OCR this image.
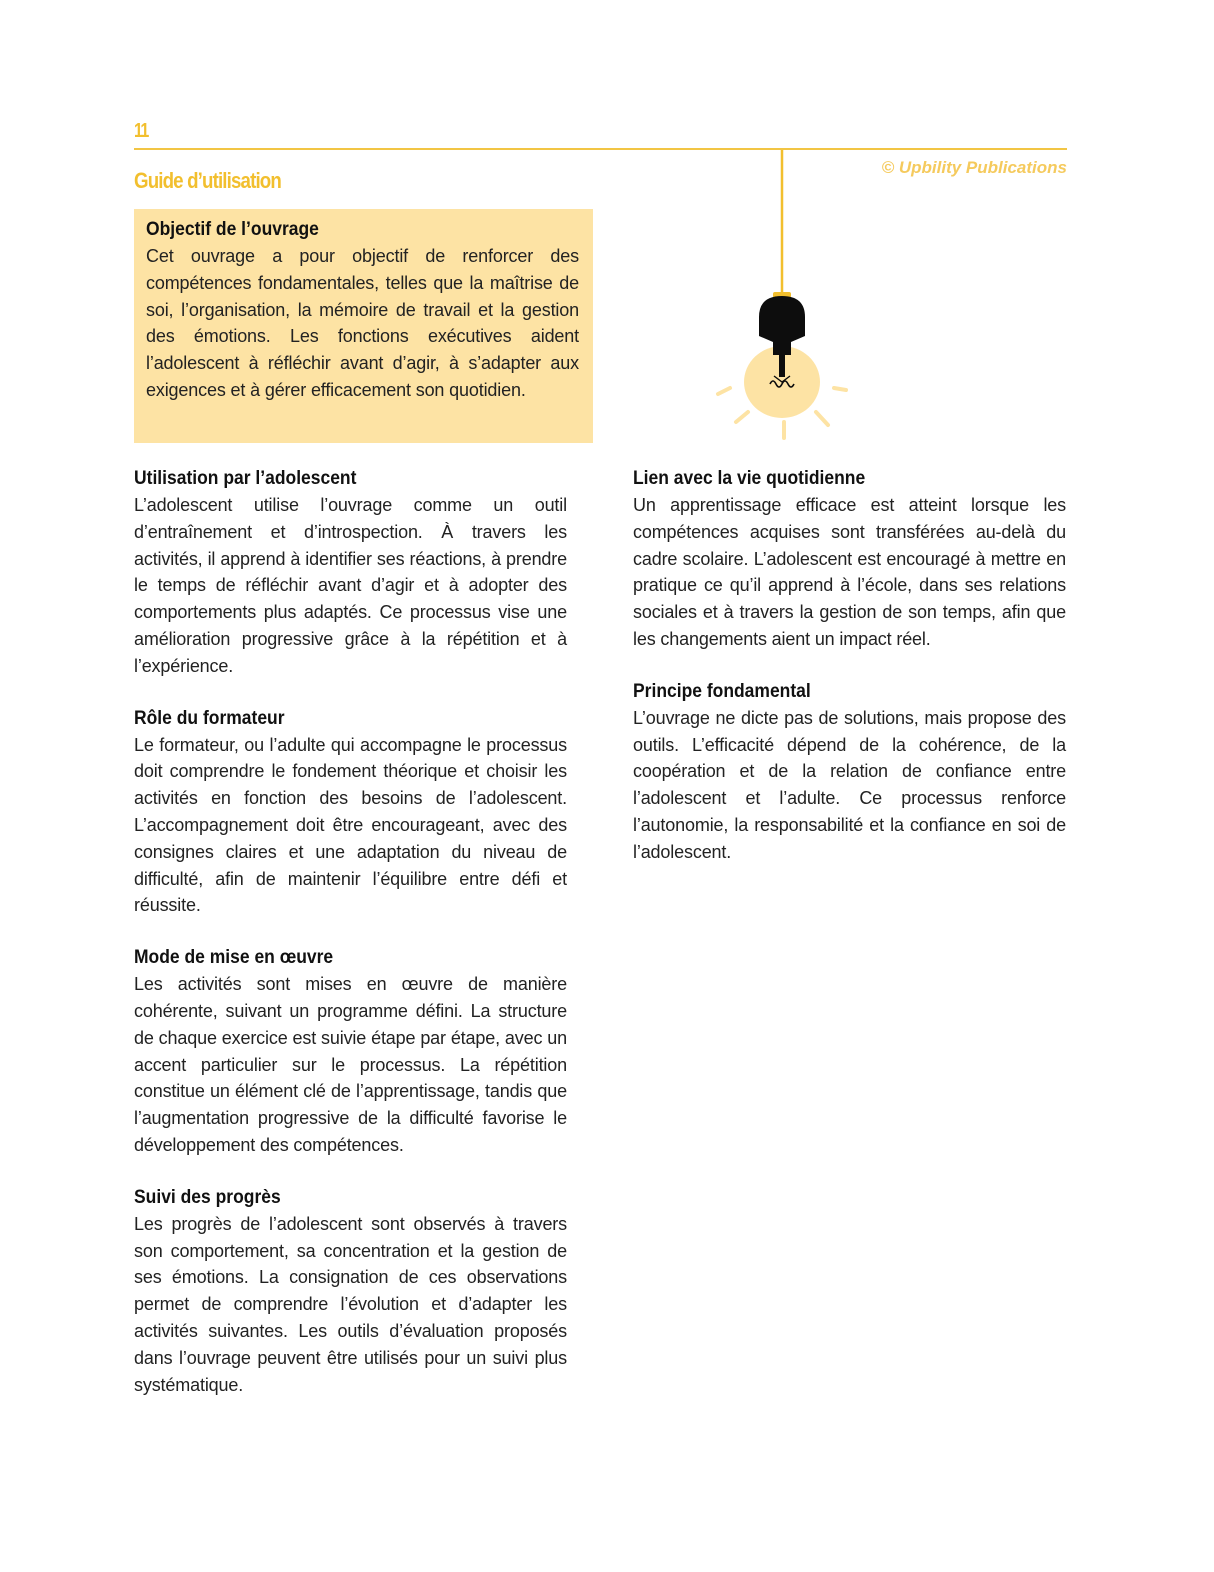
11
Guide d’utilisation
© Upbility Publications
Objectif de l’ouvrage

Cet ouvrage a pour objectif de renforcer des compétences fondamentales, telles que la maîtrise de soi, l’organisation, la mémoire de travail et la gestion des émotions. Les fonctions exécutives aident l’adolescent à réfléchir avant d’agir, à s’adapter aux exigences et à gérer efficacement son quotidien.

Utilisation par l’adolescent

L’adolescent utilise l’ouvrage comme un outil d’entraînement et d’introspection. À travers les activités, il apprend à identifier ses réactions, à prendre le temps de réfléchir avant d’agir et à adopter des comportements plus adaptés. Ce processus vise une amélioration progressive grâce à la répétition et à l’expérience.

Rôle du formateur

Le formateur, ou l’adulte qui accompagne le processus doit comprendre le fondement théorique et choisir les activités en fonction des besoins de l’adolescent. L’accompagnement doit être encourageant, avec des consignes claires et une adaptation du niveau de difficulté, afin de maintenir l’équilibre entre défi et réussite.

Mode de mise en œuvre

Les activités sont mises en œuvre de manière cohérente, suivant un programme défini. La structure de chaque exercice est suivie étape par étape, avec un accent particulier sur le processus. La répétition constitue un élément clé de l’apprentissage, tandis que l’augmentation progressive de la difficulté favorise le développement des compétences.

Suivi des progrès

Les progrès de l’adolescent sont observés à travers son comportement, sa concentration et la gestion de ses émotions. La consignation de ces observations permet de comprendre l’évolution et d’adapter les activités suivantes. Les outils d’évaluation proposés dans l’ouvrage peuvent être utilisés pour un suivi plus systématique.

Lien avec la vie quotidienne

Un apprentissage efficace est atteint lorsque les compétences acquises sont transférées au-delà du cadre scolaire. L’adolescent est encouragé à mettre en pratique ce qu’il apprend à l’école, dans ses relations sociales et à travers la gestion de son temps, afin que les changements aient un impact réel.

Principe fondamental

L’ouvrage ne dicte pas de solutions, mais propose des outils. L’efficacité dépend de la cohérence, de la coopération et de la relation de confiance entre l’adolescent et l’adulte. Ce processus renforce l’autonomie, la responsabilité et la confiance en soi de l’adolescent.
